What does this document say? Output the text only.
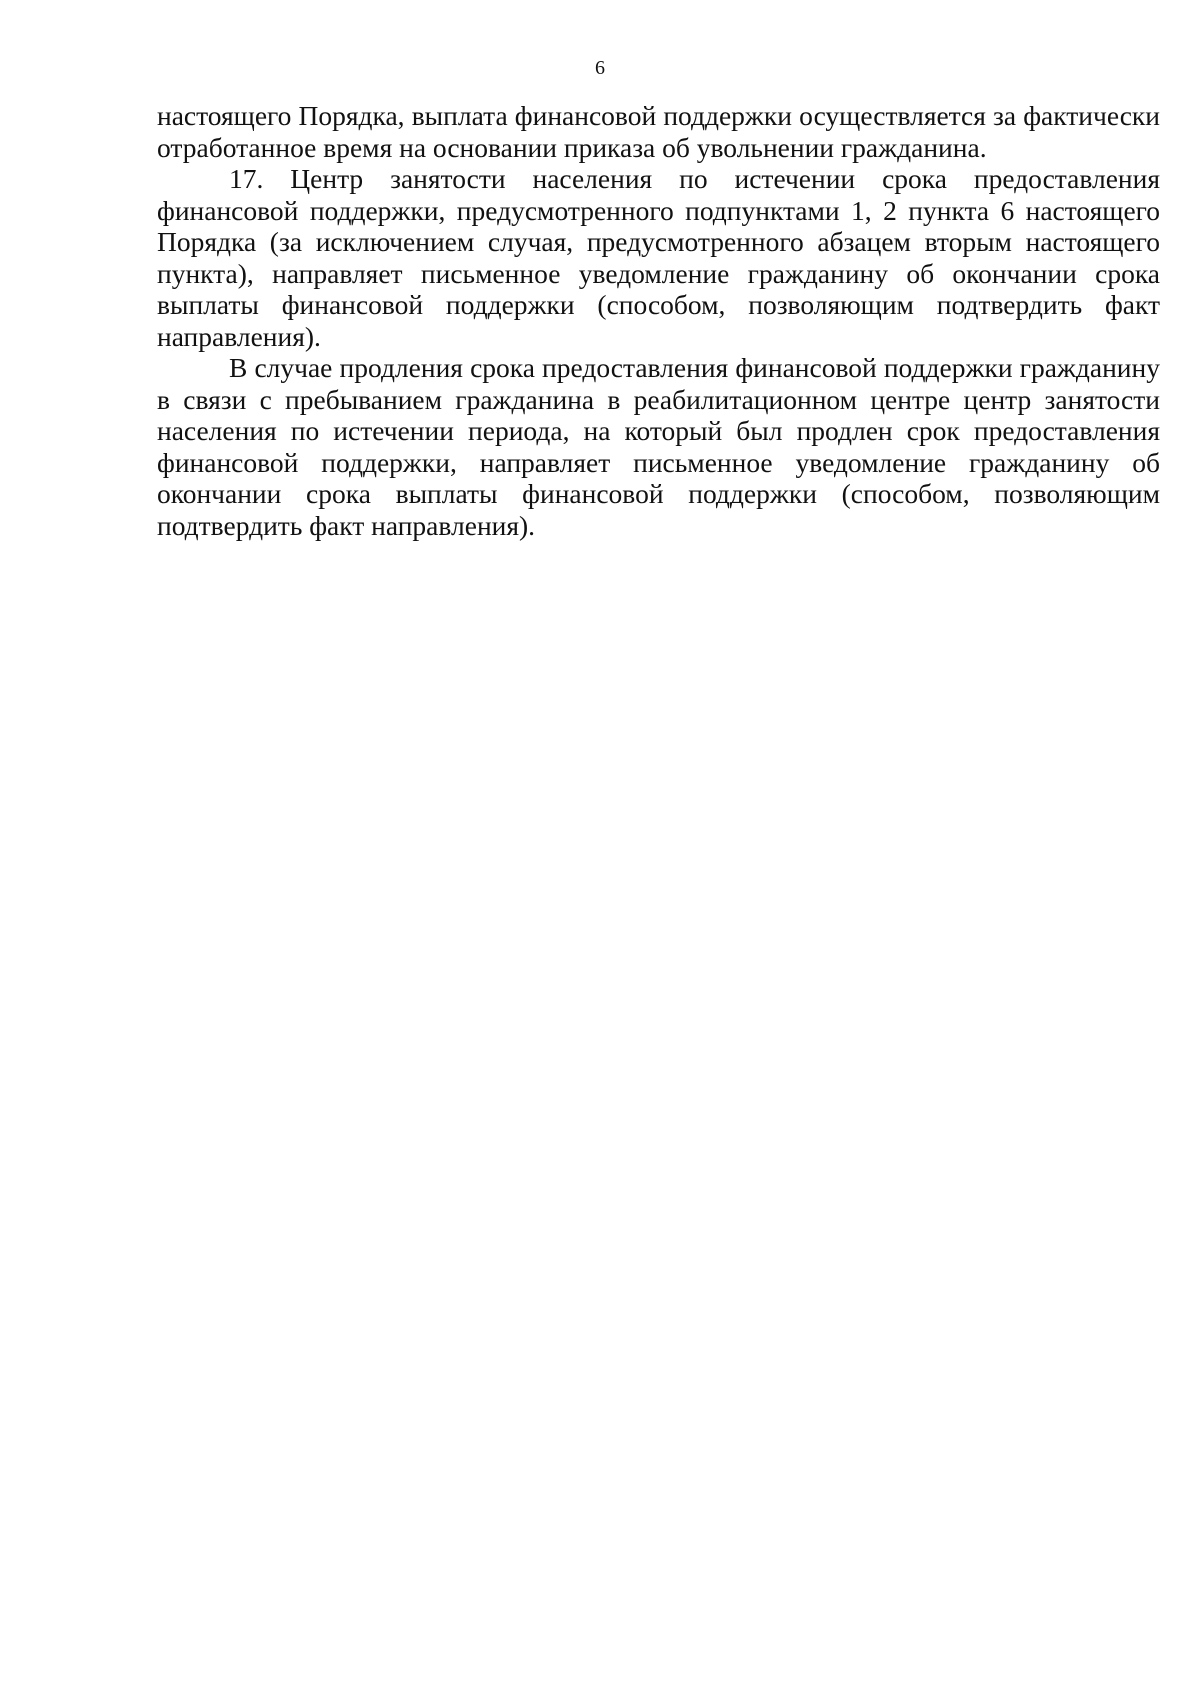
6

настоящего Порядка, выплата финансовой поддержки осуществляется за фактически отработанное время на основании приказа об увольнении гражданина.

17. Центр занятости населения по истечении срока предоставления финансовой поддержки, предусмотренного подпунктами 1, 2 пункта 6 настоящего Порядка (за исключением случая, предусмотренного абзацем вторым настоящего пункта), направляет письменное уведомление гражданину об окончании срока выплаты финансовой поддержки (способом, позволяющим подтвердить факт направления).

В случае продления срока предоставления финансовой поддержки гражданину в связи с пребыванием гражданина в реабилитационном центре центр занятости населения по истечении периода, на который был продлен срок предоставления финансовой поддержки, направляет письменное уведомление гражданину об окончании срока выплаты финансовой поддержки (способом, позволяющим подтвердить факт направления).
